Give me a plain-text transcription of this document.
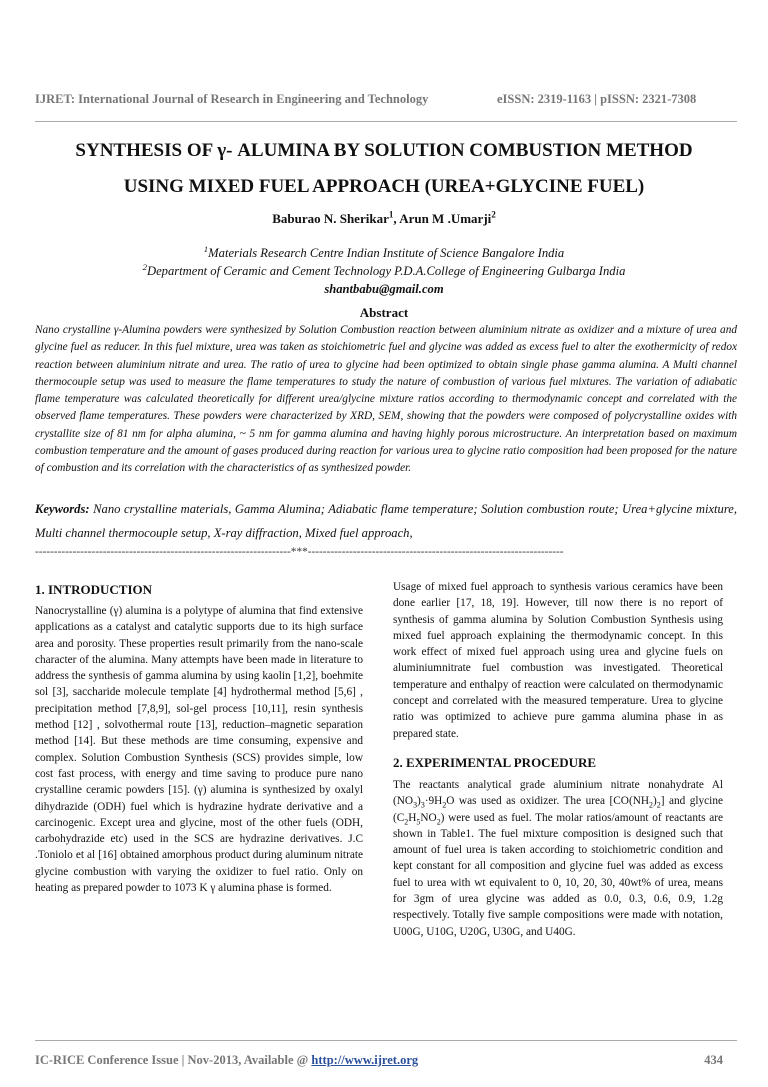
IJRET: International Journal of Research in Engineering and Technology	eISSN: 2319-1163 | pISSN: 2321-7308
SYNTHESIS OF γ- ALUMINA BY SOLUTION COMBUSTION METHOD
USING MIXED FUEL APPROACH (UREA+GLYCINE FUEL)
Baburao N. Sherikar$^1$, Arun M .Umarji$^2$
$^1$Materials Research Centre Indian Institute of Science Bangalore India
$^2$Department of Ceramic and Cement Technology P.D.A.College of Engineering Gulbarga India
shantbabu@gmail.com
Abstract
Nano crystalline γ-Alumina powders were synthesized by Solution Combustion reaction between aluminium nitrate as oxidizer and a mixture of urea and glycine fuel as reducer. In this fuel mixture, urea was taken as stoichiometric fuel and glycine was added as excess fuel to alter the exothermicity of redox reaction between aluminium nitrate and urea. The ratio of urea to glycine had been optimized to obtain single phase gamma alumina. A Multi channel thermocouple setup was used to measure the flame temperatures to study the nature of combustion of various fuel mixtures. The variation of adiabatic flame temperature was calculated theoretically for different urea/glycine mixture ratios according to thermodynamic concept and correlated with the observed flame temperatures. These powders were characterized by XRD, SEM, showing that the powders were composed of polycrystalline oxides with crystallite size of 81 nm for alpha alumina, ~ 5 nm for gamma alumina and having highly porous microstructure. An interpretation based on maximum combustion temperature and the amount of gases produced during reaction for various urea to glycine ratio composition had been proposed for the nature of combustion and its correlation with the characteristics of as synthesized powder.
Keywords: Nano crystalline materials, Gamma Alumina; Adiabatic flame temperature; Solution combustion route; Urea+glycine mixture, Multi channel thermocouple setup, X-ray diffraction, Mixed fuel approach,
--------------------------------------------------------------------***--------------------------------------------------------------------
1. INTRODUCTION
Nanocrystalline (γ) alumina is a polytype of alumina that find extensive applications as a catalyst and catalytic supports due to its high surface area and porosity. These properties result primarily from the nano-scale character of the alumina. Many attempts have been made in literature to address the synthesis of gamma alumina by using kaolin [1,2], boehmite sol [3], saccharide molecule template [4] hydrothermal method [5,6] , precipitation method [7,8,9], sol-gel process [10,11], resin synthesis method [12] , solvothermal route [13], reduction–magnetic separation method [14]. But these methods are time consuming, expensive and complex. Solution Combustion Synthesis (SCS) provides simple, low cost fast process, with energy and time saving to produce pure nano crystalline ceramic powders [15]. (γ) alumina is synthesized by oxalyl dihydrazide (ODH) fuel which is hydrazine hydrate derivative and a carcinogenic. Except urea and glycine, most of the other fuels (ODH, carbohydrazide etc) used in the SCS are hydrazine derivatives. J.C .Toniolo et al [16] obtained amorphous product during aluminum nitrate glycine combustion with varying the oxidizer to fuel ratio. Only on heating as prepared powder to 1073 K γ alumina phase is formed.
Usage of mixed fuel approach to synthesis various ceramics have been done earlier [17, 18, 19]. However, till now there is no report of synthesis of gamma alumina by Solution Combustion Synthesis using mixed fuel approach explaining the thermodynamic concept. In this work effect of mixed fuel approach using urea and glycine fuels on aluminiumnitrate fuel combustion was investigated. Theoretical temperature and enthalpy of reaction were calculated on thermodynamic concept and correlated with the measured temperature. Urea to glycine ratio was optimized to achieve pure gamma alumina phase in as prepared state.
2. EXPERIMENTAL PROCEDURE
The reactants analytical grade aluminium nitrate nonahydrate Al $(NO_3)_3\cdot 9H_2O$ was used as oxidizer. The urea $[CO(NH_2)_2]$ and glycine $(C_2H_5NO_2)$ were used as fuel. The molar ratios/amount of reactants are shown in Table1. The fuel mixture composition is designed such that amount of fuel urea is taken according to stoichiometric condition and kept constant for all composition and glycine fuel was added as excess fuel to urea with wt equivalent to 0, 10, 20, 30, 40wt% of urea, means for 3gm of urea glycine was added as 0.0, 0.3, 0.6, 0.9, 1.2g respectively. Totally five sample compositions were made with notation, U00G, U10G, U20G, U30G, and U40G.
IC-RICE Conference Issue | Nov-2013, Available @ http://www.ijret.org	434
